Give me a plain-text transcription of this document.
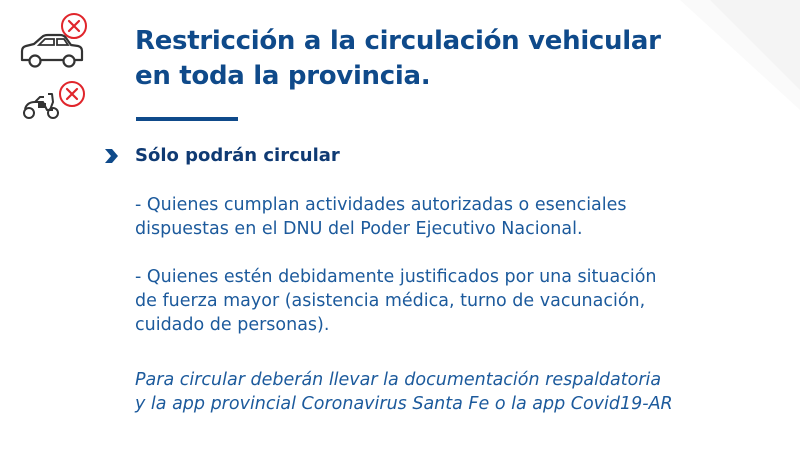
Restricción a la circulación vehicular
en toda la provincia.
Sólo podrán circular

- Quienes cumplan actividades autorizadas o esenciales
dispuestas en el DNU del Poder Ejecutivo Nacional.

- Quienes estén debidamente justificados por una situación
de fuerza mayor (asistencia médica, turno de vacunación,
cuidado de personas).

Para circular deberán llevar la documentación respaldatoria
y la app provincial Coronavirus Santa Fe o la app Covid19-AR
